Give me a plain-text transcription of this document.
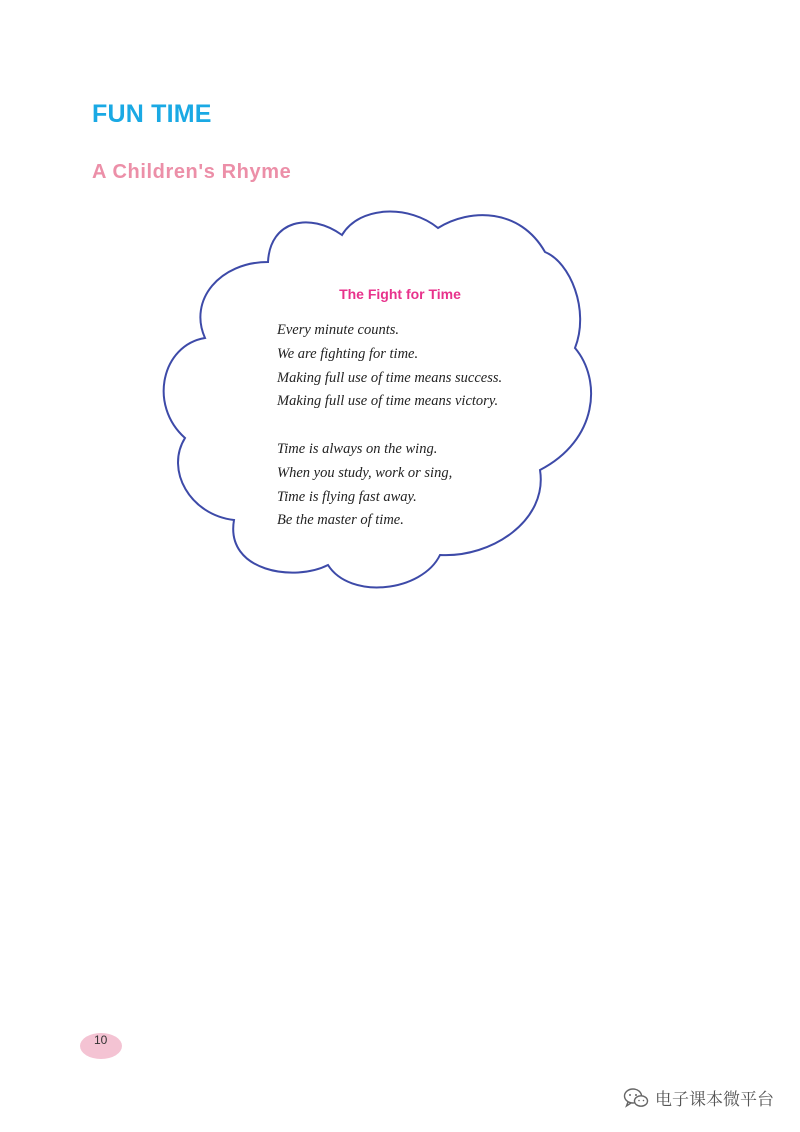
FUN TIME
A Children's Rhyme
The Fight for Time
Every minute counts.
We are fighting for time.
Making full use of time means success.
Making full use of time means victory.
Time is always on the wing.
When you study, work or sing,
Time is flying fast away.
Be the master of time.
10
电子课本微平台
